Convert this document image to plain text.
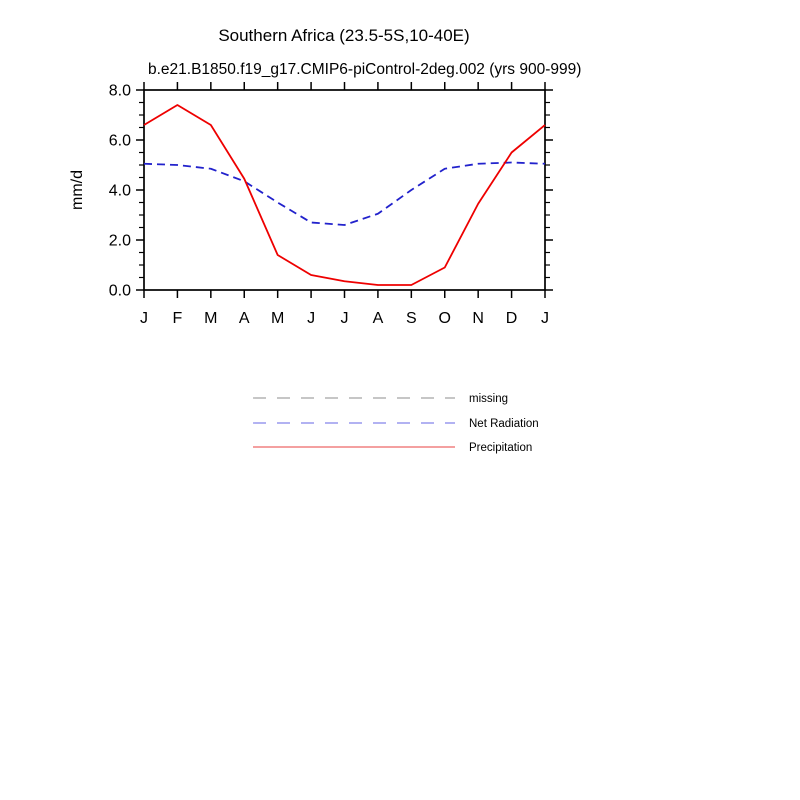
Southern Africa (23.5-5S,10-40E)
b.e21.B1850.f19_g17.CMIP6-piControl-2deg.002 (yrs 900-999)
mm/d
J F M A M J J A S O N D J
0.0
2.0
4.0
6.0
8.0
missing
Net Radiation
Precipitation
